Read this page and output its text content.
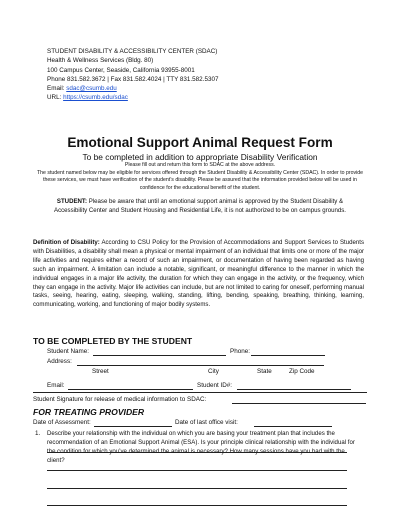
STUDENT DISABILITY & ACCESSIBILITY CENTER (SDAC)
Health & Wellness Services (Bldg. 80)
100 Campus Center, Seaside, California 93955-8001
Phone 831.582.3672 | Fax 831.582.4024 | TTY 831.582.5307
Email: sdac@csumb.edu
URL: https://csumb.edu/sdac
Emotional Support Animal Request Form
To be completed in addition to appropriate Disability Verification
Please fill out and return this form to SDAC at the above address.
The student named below may be eligible for services offered through the Student Disability & Accessibility Center (SDAC). In order to provide these services, we must have verification of the student’s disability. Please be assured that the information provided below will be used in confidence for the educational benefit of the student.
STUDENT: Please be aware that until an emotional support animal is approved by the Student Disability & Accessibility Center and Student Housing and Residential Life, it is not authorized to be on campus grounds.
Definition of Disability: According to CSU Policy for the Provision of Accommodations and Support Services to Students with Disabilities, a disability shall mean a physical or mental impairment of an individual that limits one or more of the major life activities and requires either a record of such an impairment, or documentation of having been regarded as having such an impairment. A limitation can include a notable, significant, or meaningful difference to the manner in which the individual engages in a major life activity, the duration for which they can engage in the activity, or the frequency, which they can engage in the activity. Major life activities can include, but are not limited to caring for oneself, performing manual tasks, seeing, hearing, eating, sleeping, walking, standing, lifting, bending, speaking, breathing, thinking, learning, communicating, working, and functioning of major bodily systems.
TO BE COMPLETED BY THE STUDENT
Student Name:	Phone:
Address:
Street	City	State	Zip Code
Email:	Student ID#:
Student Signature for release of medical information to SDAC:
FOR TREATING PROVIDER
Date of Assessment:	Date of last office visit:
1. Describe your relationship with the individual on which you are basing your treatment plan that includes the recommendation of an Emotional Support Animal (ESA). Is your principle clinical relationship with the individual for the condition for which you’ve determined the animal is necessary? How many sessions have you had with the client?
